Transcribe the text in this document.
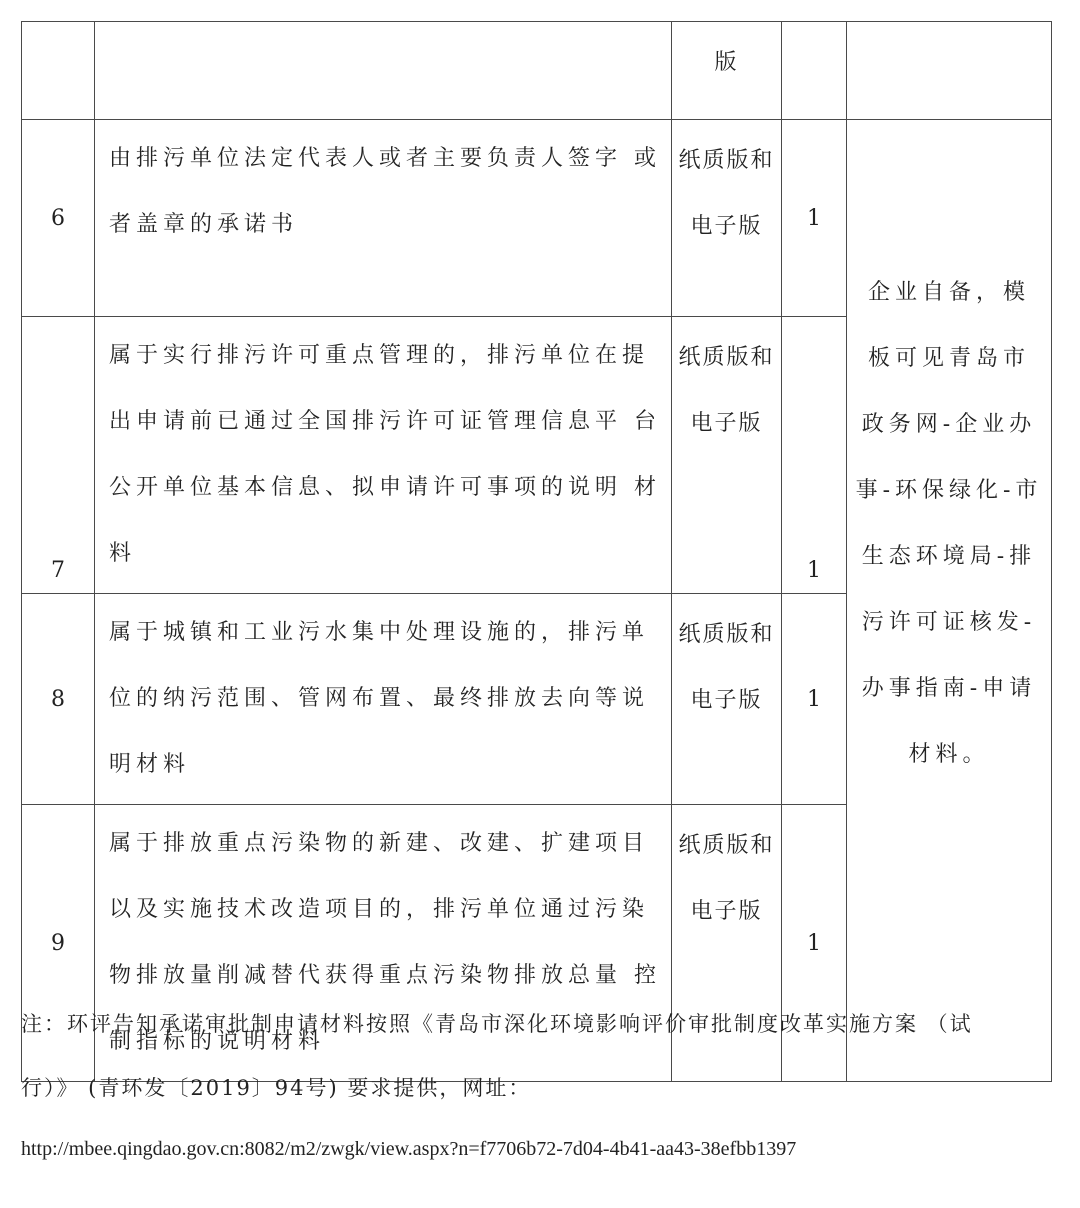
		版		
6	由排污单位法定代表人或者主要负责人签字 或者盖章的承诺书	纸质版和电子版	1	企业自备，模板可见青岛市政务网-企业办事-环保绿化-市生态环境局-排污许可证核发-办事指南-申请材料。
7	属于实行排污许可重点管理的，排污单位在提 出申请前已通过全国排污许可证管理信息平 台公开单位基本信息、拟申请许可事项的说明 材料	纸质版和电子版	1	
8	属于城镇和工业污水集中处理设施的，排污单 位的纳污范围、管网布置、最终排放去向等说 明材料	纸质版和电子版	1	
9	属于排放重点污染物的新建、改建、扩建项目 以及实施技术改造项目的，排污单位通过污染 物排放量削减替代获得重点污染物排放总量 控制指标的说明材料	纸质版和电子版	1	
注：环评告知承诺审批制申请材料按照《青岛市深化环境影响评价审批制度改革实施方案 （试
行）》 (青环发〔2019〕94号) 要求提供，网址：
http://mbee.qingdao.gov.cn:8082/m2/zwgk/view.aspx?n=f7706b72-7d04-4b41-aa43-38efbb1397
